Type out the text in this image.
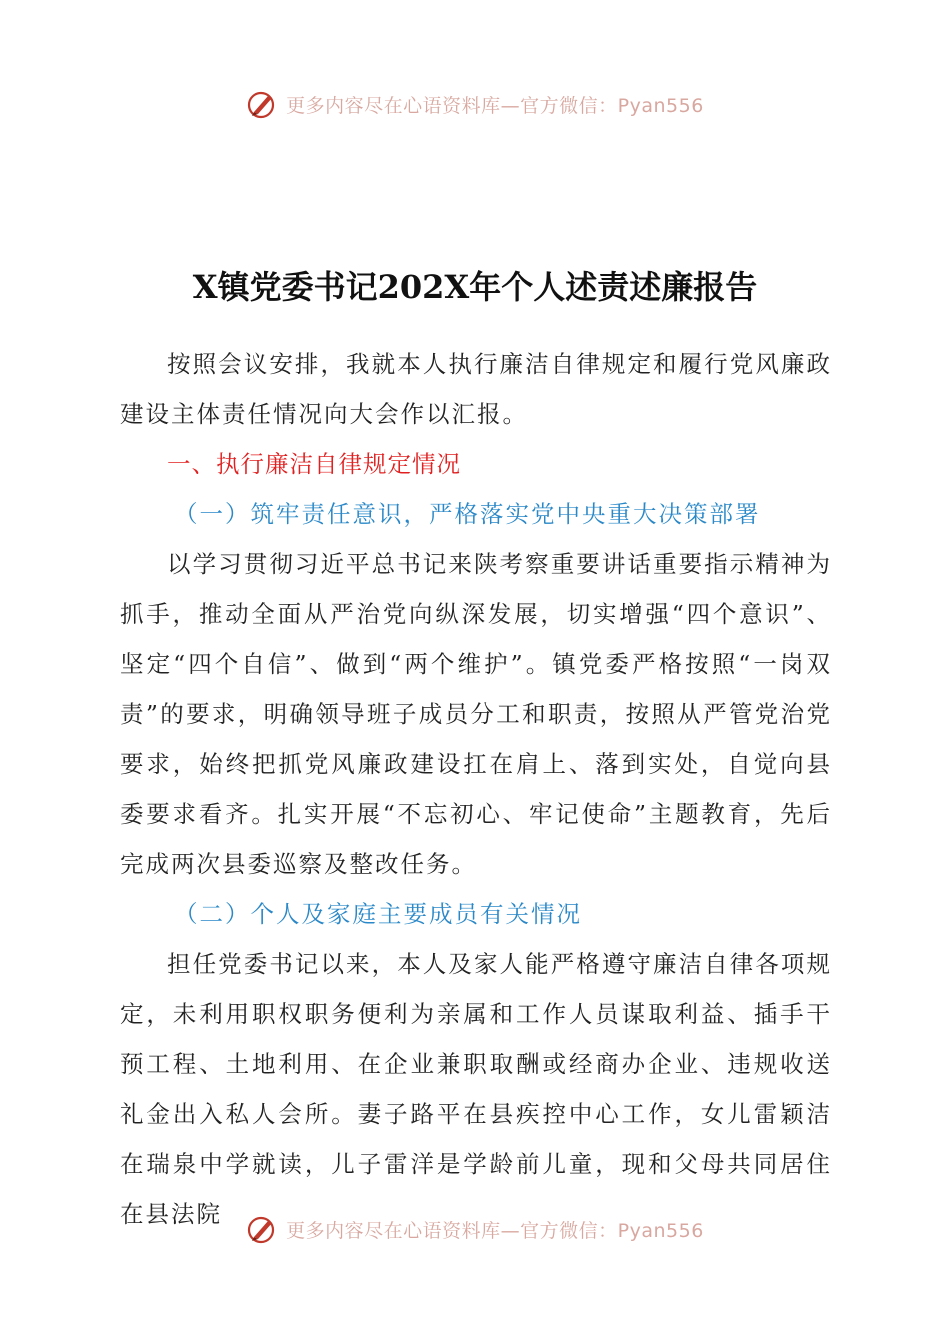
更多内容尽在心语资料库—官方微信：Pyan556
X镇党委书记202X年个人述责述廉报告

按照会议安排，我就本人执行廉洁自律规定和履行党风廉政建设主体责任情况向大会作以汇报。

一、执行廉洁自律规定情况

（一）筑牢责任意识，严格落实党中央重大决策部署

以学习贯彻习近平总书记来陕考察重要讲话重要指示精神为抓手，推动全面从严治党向纵深发展，切实增强“四个意识”、坚定“四个自信”、做到“两个维护”。镇党委严格按照“一岗双责”的要求，明确领导班子成员分工和职责，按照从严管党治党要求，始终把抓党风廉政建设扛在肩上、落到实处，自觉向县委要求看齐。扎实开展“不忘初心、牢记使命”主题教育，先后完成两次县委巡察及整改任务。

（二）个人及家庭主要成员有关情况

担任党委书记以来，本人及家人能严格遵守廉洁自律各项规定，未利用职权职务便利为亲属和工作人员谋取利益、插手干预工程、土地利用、在企业兼职取酬或经商办企业、违规收送礼金出入私人会所。妻子路平在县疾控中心工作，女儿雷颖洁在瑞泉中学就读，儿子雷洋是学龄前儿童，现和父母共同居住在县法院

更多内容尽在心语资料库—官方微信：Pyan556
